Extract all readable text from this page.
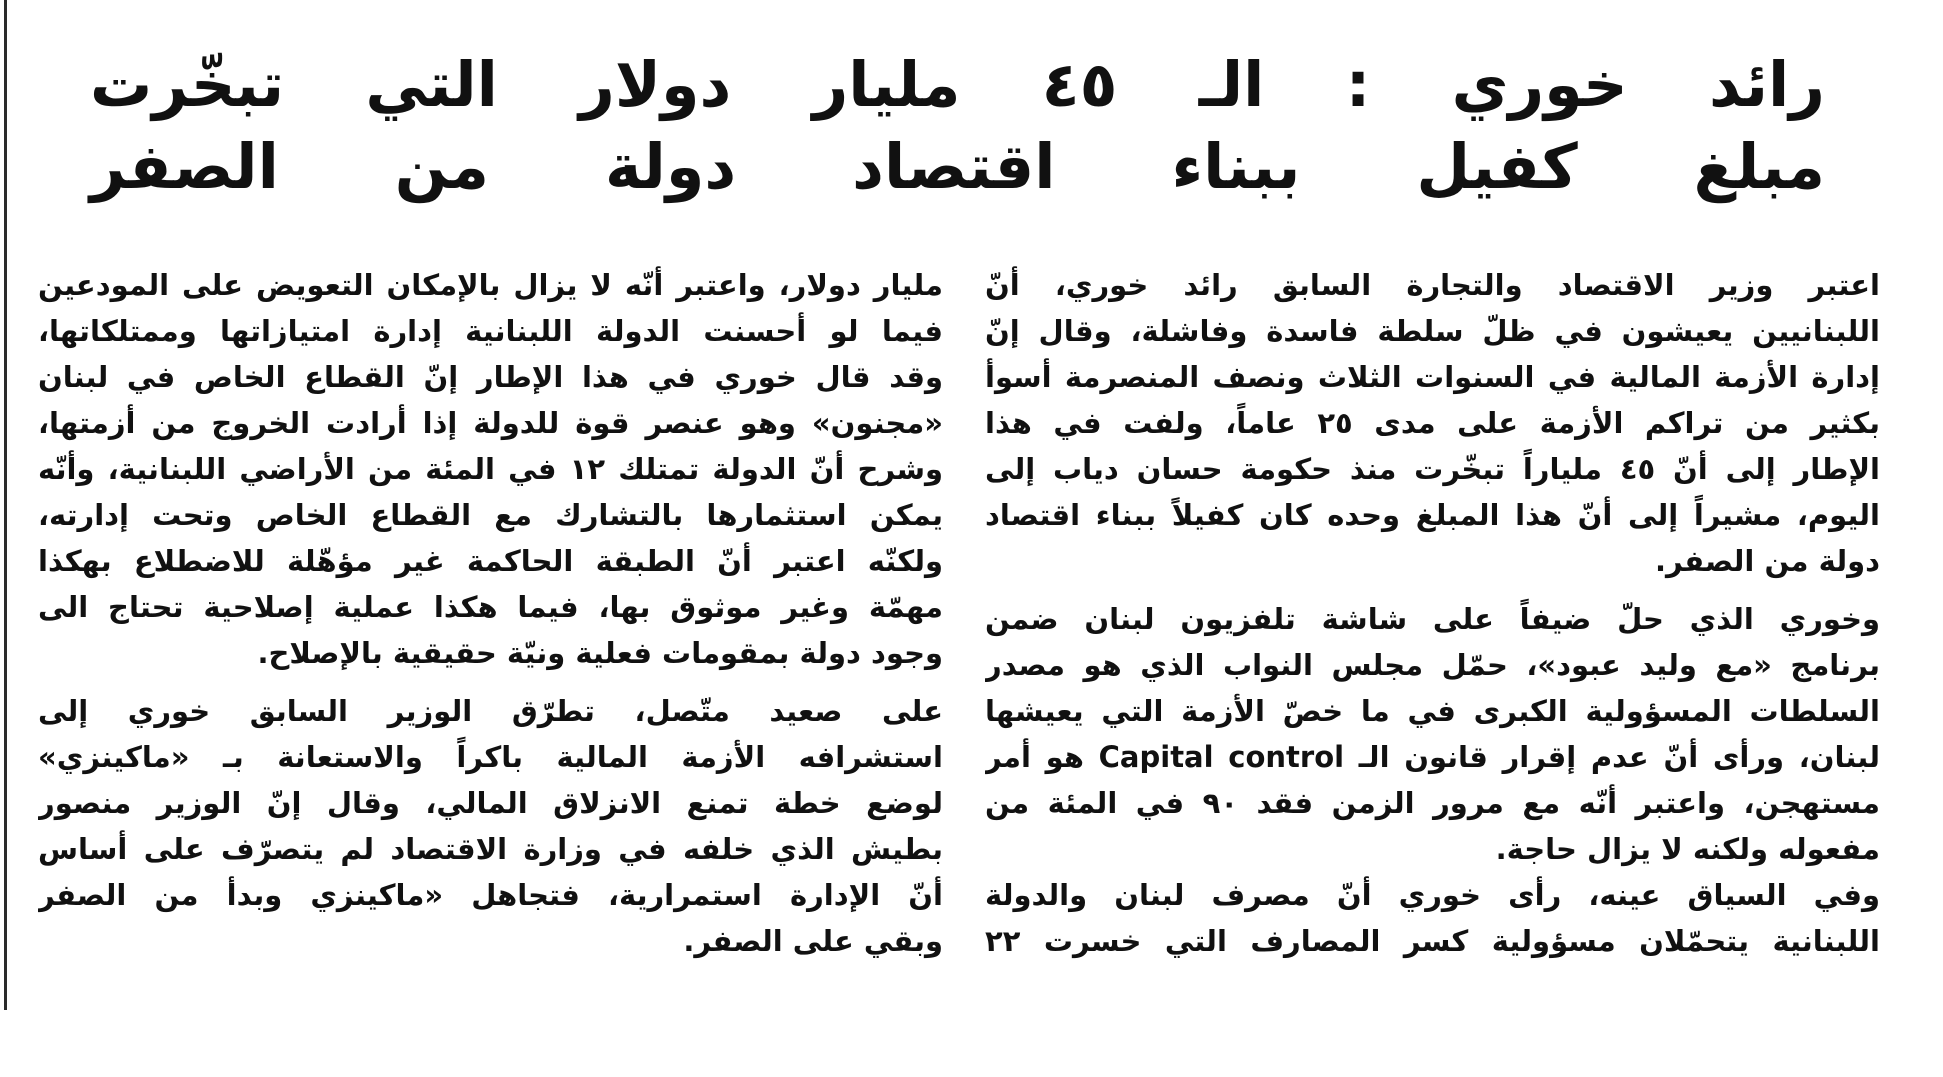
رائد خوري : الـ ٤٥ مليار دولار التي تبخّرت
مبلغ كفيل ببناء اقتصاد دولة من الصفر
اعتبر وزير الاقتصاد والتجارة السابق رائد خوري، أنّ
اللبنانيين يعيشون في ظلّ سلطة فاسدة وفاشلة، وقال إنّ
إدارة الأزمة المالية في السنوات الثلاث ونصف المنصرمة أسوأ
بكثير من تراكم الأزمة على مدى ٢٥ عاماً، ولفت في هذا
الإطار إلى أنّ ٤٥ ملياراً تبخّرت منذ حكومة حسان دياب إلى
اليوم، مشيراً إلى أنّ هذا المبلغ وحده كان كفيلاً ببناء اقتصاد
دولة من الصفر.
وخوري الذي حلّ ضيفاً على شاشة تلفزيون لبنان ضمن
برنامج «مع وليد عبود»، حمّل مجلس النواب الذي هو مصدر
السلطات المسؤولية الكبرى في ما خصّ الأزمة التي يعيشها
لبنان، ورأى أنّ عدم إقرار قانون الـ Capital control هو أمر
مستهجن، واعتبر أنّه مع مرور الزمن فقد ٩٠ في المئة من
مفعوله ولكنه لا يزال حاجة.
وفي السياق عينه، رأى خوري أنّ مصرف لبنان والدولة
اللبنانية يتحمّلان مسؤولية كسر المصارف التي خسرت ٢٢
مليار دولار، واعتبر أنّه لا يزال بالإمكان التعويض على المودعين
فيما لو أحسنت الدولة اللبنانية إدارة امتيازاتها وممتلكاتها،
وقد قال خوري في هذا الإطار إنّ القطاع الخاص في لبنان
«مجنون» وهو عنصر قوة للدولة إذا أرادت الخروج من أزمتها،
وشرح أنّ الدولة تمتلك ١٢ في المئة من الأراضي اللبنانية، وأنّه
يمكن استثمارها بالتشارك مع القطاع الخاص وتحت إدارته،
ولكنّه اعتبر أنّ الطبقة الحاكمة غير مؤهّلة للاضطلاع بهكذا
مهمّة وغير موثوق بها، فيما هكذا عملية إصلاحية تحتاج الى
وجود دولة بمقومات فعلية ونيّة حقيقية بالإصلاح.
على صعيد متّصل، تطرّق الوزير السابق خوري إلى
استشرافه الأزمة المالية باكراً والاستعانة بـ «ماكينزي»
لوضع خطة تمنع الانزلاق المالي، وقال إنّ الوزير منصور
بطيش الذي خلفه في وزارة الاقتصاد لم يتصرّف على أساس
أنّ الإدارة استمرارية، فتجاهل «ماكينزي وبدأ من الصفر
وبقي على الصفر.
